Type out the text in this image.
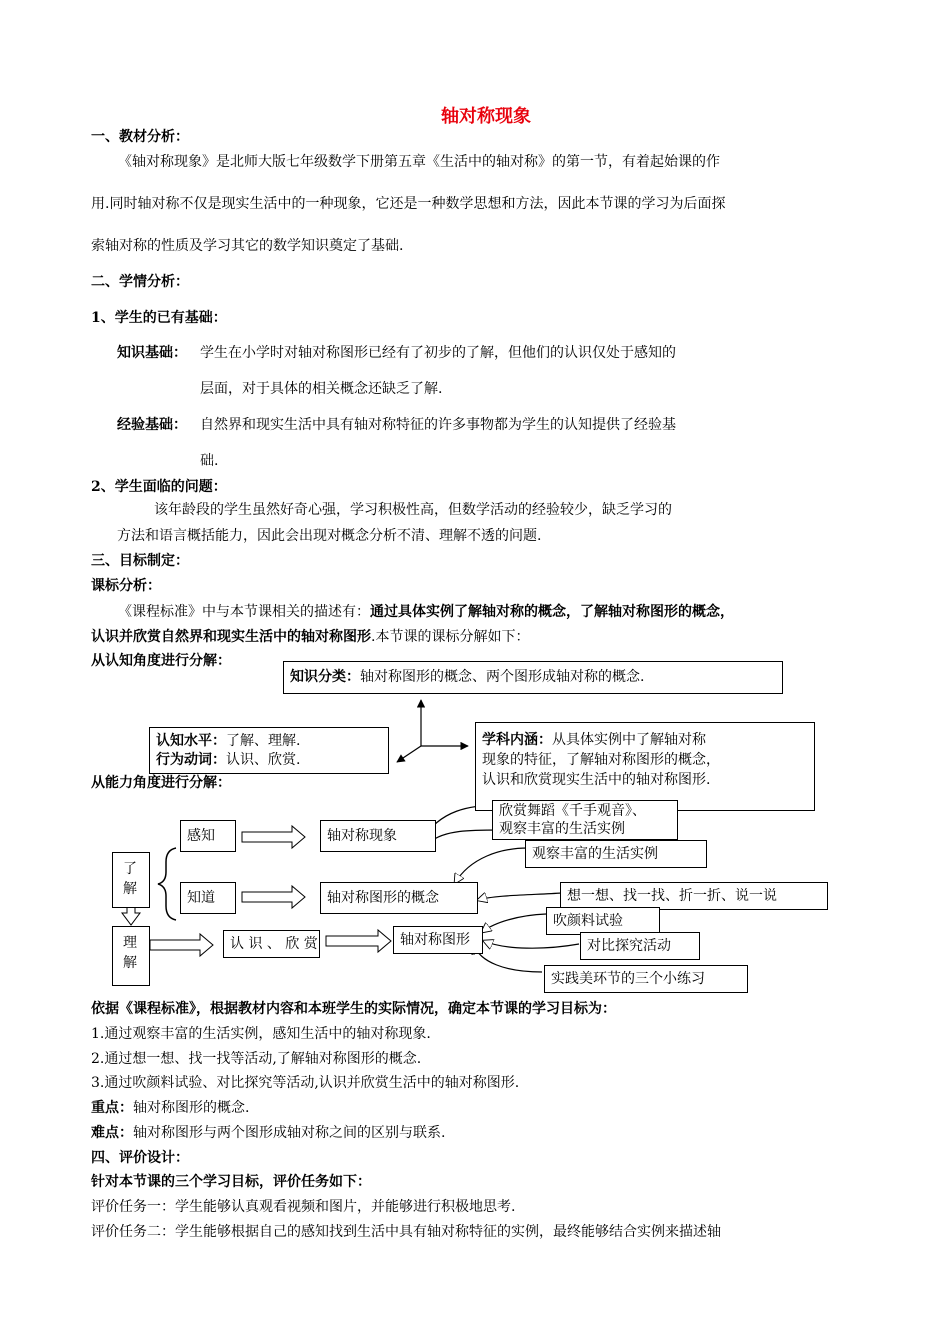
轴对称现象
一、教材分析：
《轴对称现象》是北师大版七年级数学下册第五章《生活中的轴对称》的第一节，有着起始课的作
用.同时轴对称不仅是现实生活中的一种现象，它还是一种数学思想和方法，因此本节课的学习为后面探
索轴对称的性质及学习其它的数学知识奠定了基础.
二、学情分析：
1、学生的已有基础：
知识基础： 学生在小学时对轴对称图形已经有了初步的了解，但他们的认识仅处于感知的
层面，对于具体的相关概念还缺乏了解.
经验基础： 自然界和现实生活中具有轴对称特征的许多事物都为学生的认知提供了经验基
础.
2、学生面临的问题：
该年龄段的学生虽然好奇心强，学习积极性高，但数学活动的经验较少，缺乏学习的
方法和语言概括能力，因此会出现对概念分析不清、理解不透的问题.
三、目标制定：
课标分析：
《课程标准》中与本节课相关的描述有：通过具体实例了解轴对称的概念，了解轴对称图形的概念，
认识并欣赏自然界和现实生活中的轴对称图形.本节课的课标分解如下：
从认知角度进行分解：
知识分类：轴对称图形的概念、两个图形成轴对称的概念.
认知水平：了解、理解.
行为动词：认识、欣赏.
学科内涵：从具体实例中了解轴对称
现象的特征，了解轴对称图形的概念，
认识和欣赏现实生活中的轴对称图形.
从能力角度进行分解：
了
解
理
解
感知
知道
认 识 、 欣 赏
轴对称现象
轴对称图形的概念
轴对称图形
欣赏舞蹈《千手观音》、
观察丰富的生活实例
观察丰富的生活实例
想一想、找一找、折一折、说一说
吹颜料试验
对比探究活动
实践美环节的三个小练习
依据《课程标准》，根据教材内容和本班学生的实际情况，确定本节课的学习目标为：
1.通过观察丰富的生活实例，感知生活中的轴对称现象.
2.通过想一想、找一找等活动,了解轴对称图形的概念.
3.通过吹颜料试验、对比探究等活动,认识并欣赏生活中的轴对称图形.
重点：轴对称图形的概念.
难点：轴对称图形与两个图形成轴对称之间的区别与联系.
四、评价设计：
针对本节课的三个学习目标，评价任务如下：
评价任务一：学生能够认真观看视频和图片，并能够进行积极地思考.
评价任务二：学生能够根据自己的感知找到生活中具有轴对称特征的实例，最终能够结合实例来描述轴
